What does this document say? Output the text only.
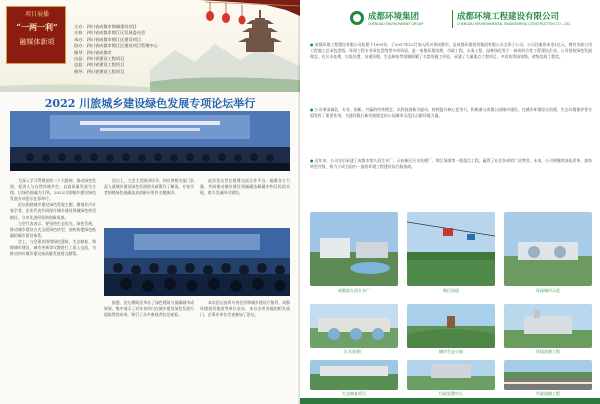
项目展播
“一两一利”
融媒体新项
主办：四川省成都市锦城建设项目
支持：四川省成都市锦江区发展委员会
承办：四川省成都市锦江区建设项目
协办：四川省成都市锦江区建设项目管理中心
指导：四川省成都市
出品：四川省建设工程项目
总监：四川省建设工程项目
指导：四川省建设工程项目
2022 川旅城乡建设绿色发展专项论坛举行

为深入学习贯彻党的二十大精神，推动绿色发展，促进人与自然和谐共生，以高质量发展为主线，以绿色低碳为引领，2022川旅城乡建设绿色发展专项论坛在蓉举行。

论坛围绕城乡建设绿色发展主题，邀请业内专家学者、企业代表共同探讨城乡建设领域绿色转型路径，分享先进经验和创新成果。

与会代表表示，要坚持生态优先、绿色发展，推动城乡建设方式全面绿色转型，加快构建绿色低碳的城乡建设体系。

会上，与会嘉宾围绕绿色建筑、生态修复、海绵城市建设、城市更新等议题进行了深入交流，为推动四川城乡建设高质量发展建言献策。

论坛上，大会主旨演讲环节，四川省相关部门负责人就城乡建设绿色发展相关政策作了解读，专家学者围绕绿色低碳技术创新应用作主题演讲。

此次论坛旨在搭建交流合作平台，凝聚各方力量，共同推动城乡建设领域碳达峰碳中和目标的实现，助力美丽四川建设。

据悉，论坛期间还举办了绿色建筑与低碳城市成果展，集中展示了近年来四川在城乡建设绿色发展方面取得的成效，吸引了众多参观者驻足观看。

本次论坛由四川省住房和城乡建设厅指导，成都环境投资集团等单位承办，来自全省各地的相关部门、企事业单位代表参加了论坛。

成都环境集团
CHENGDU ENVIRONMENT GROUP
成都环境工程建设有限公司
CHENGDU ENVIRONMENTAL ENGINEERING CONSTRUCTION CO., LTD.

● 成都环境工程建设有限公司始建于1993年，于2017年12月加入四川省成都市，是成都环境投资集团有限公司全资子公司。公司注册资本金1亿元，拥有市政公用工程施工总承包壹级、环保工程专业承包壹级等多项资质，是一家集环境治理、市政工程、水务工程、园林绿化等于一体的综合性工程建设企业。公司坚持绿色发展理念，在污水处理、垃圾处置、河道治理、生态修复等领域积累了丰富的施工经验，承建了大量重点工程项目，多次获得国家级、省级优质工程奖。

● 公司秉承诚信、专业、创新、共赢的经营理念，以科技创新为驱动，持续提升核心竞争力，积极参与成都公园城市建设，在城乡环境综合治理、生态环境保护等方面发挥了重要作用，为建设践行新发展理念的公园城市示范区贡献环境力量。

● 近年来，公司先后承建了成都市第九再生水厂、天府新区污水处理厂、锦江绿道等一批重点工程，赢得了社会各界的广泛赞誉。未来，公司将继续深化改革，加快转型升级，致力于成为国内一流的环境工程建设综合服务商。

成都第九再生水厂	锦江绿道	环保城市示范
污水处理厂	城市生态公园	环境治理工程
生态修复项目	垃圾处置中心	市政道路工程
